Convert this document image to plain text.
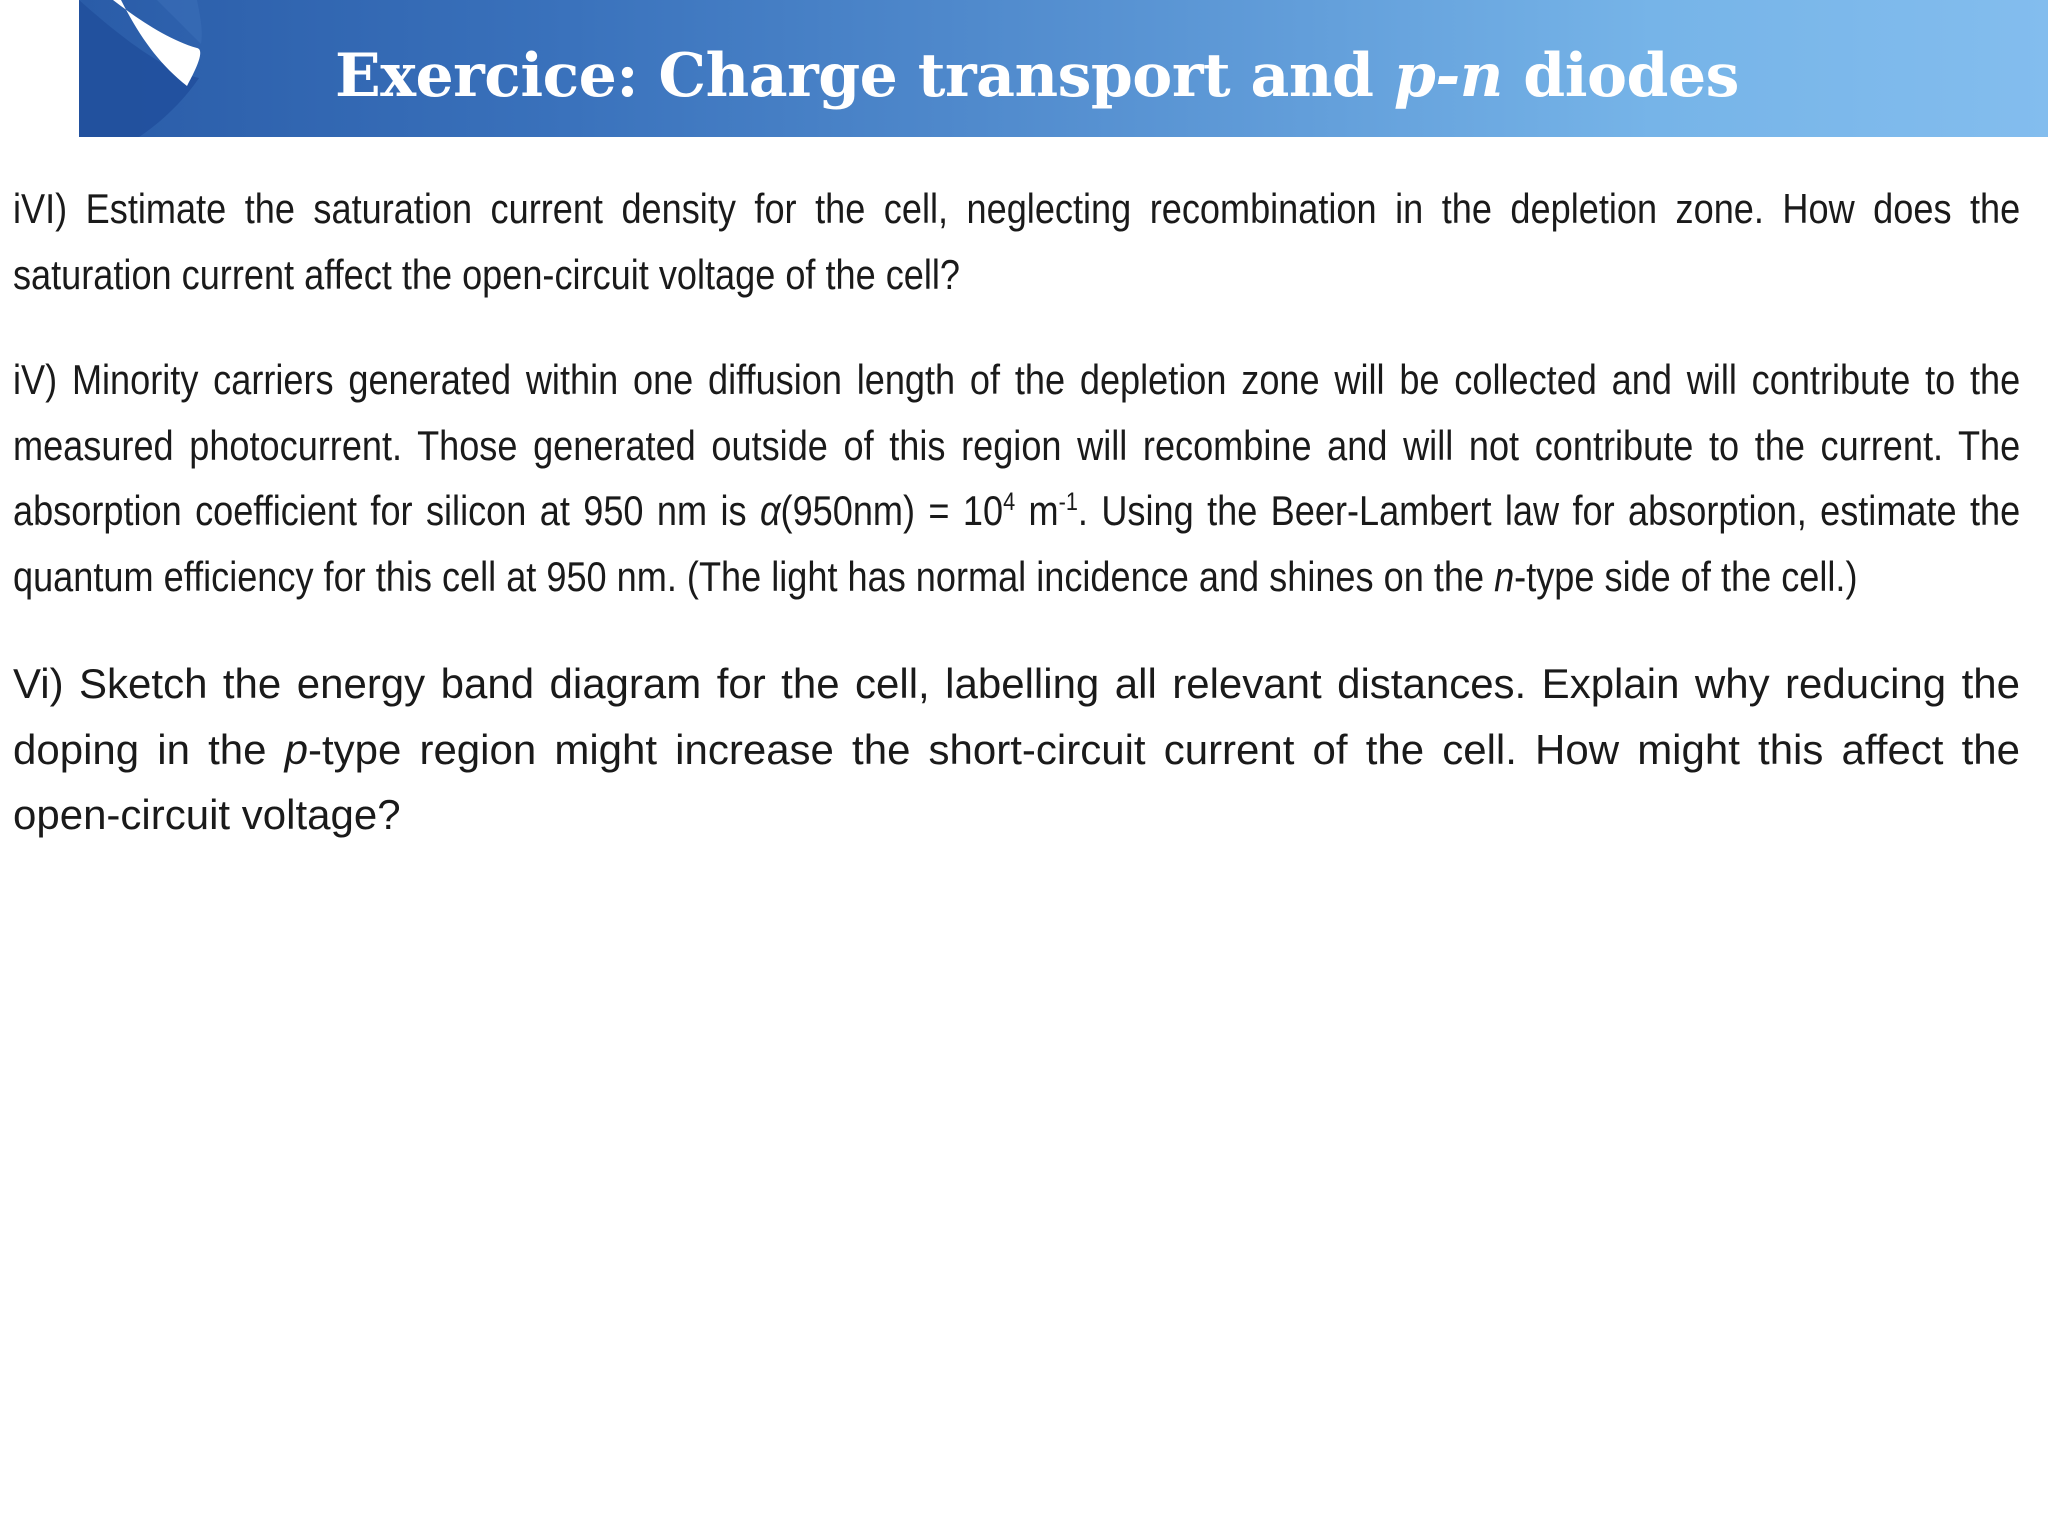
Exercice: Charge transport and p-n diodes

iVI) Estimate the saturation current density for the cell, neglecting recombination in the depletion zone. How does the saturation current affect the open-circuit voltage of the cell?

iV) Minority carriers generated within one diffusion length of the depletion zone will be collected and will contribute to the measured photocurrent. Those generated outside of this region will recombine and will not contribute to the current. The absorption coefficient for silicon at 950 nm is $\alpha(950nm) = 10^4$ $m^{-1}$. Using the Beer-Lambert law for absorption, estimate the quantum efficiency for this cell at 950 nm. (The light has normal incidence and shines on the n-type side of the cell.)

Vi) Sketch the energy band diagram for the cell, labelling all relevant distances. Explain why reducing the doping in the p-type region might increase the short-circuit current of the cell. How might this affect the open-circuit voltage?
